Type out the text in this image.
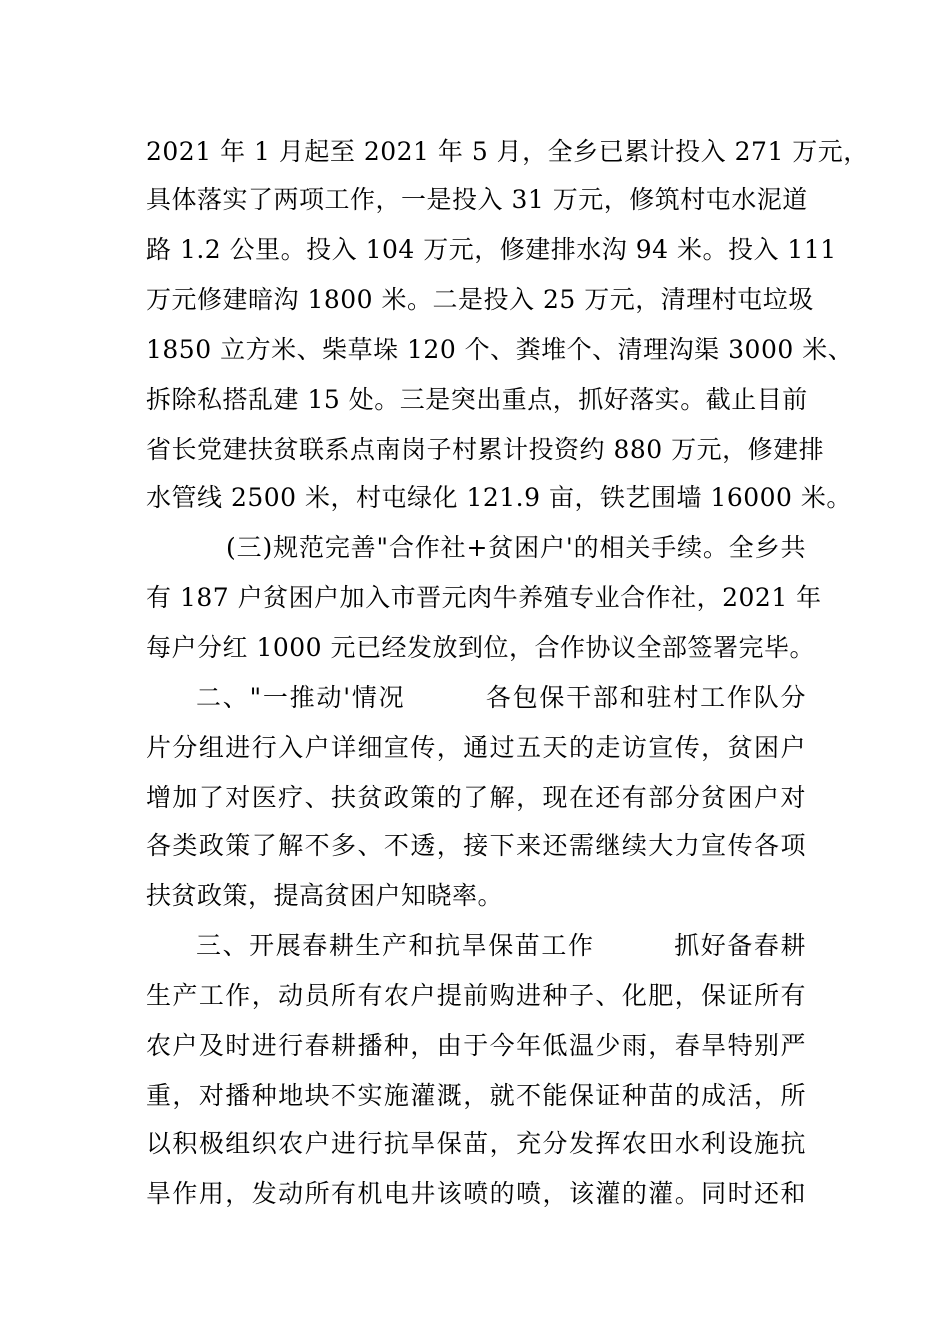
2021 年 1 月起至 2021 年 5 月，全乡已累计投入 271 万元，
具体落实了两项工作，一是投入 31 万元，修筑村屯水泥道
路 1.2 公里。投入 104 万元，修建排水沟 94 米。投入 111
万元修建暗沟 1800 米。二是投入 25 万元，清理村屯垃圾
1850 立方米、柴草垛 120 个、粪堆个、清理沟渠 3000 米、
拆除私搭乱建 15 处。三是突出重点，抓好落实。截止目前
省长党建扶贫联系点南岗子村累计投资约 880 万元，修建排
水管线 2500 米，村屯绿化 121.9 亩，铁艺围墙 16000 米。
(三)规范完善"合作社+贫困户'的相关手续。全乡共
有 187 户贫困户加入市晋元肉牛养殖专业合作社，2021 年
每户分红 1000 元已经发放到位，合作协议全部签署完毕。
二、"一推动'情况　　　各包保干部和驻村工作队分
片分组进行入户详细宣传，通过五天的走访宣传，贫困户
增加了对医疗、扶贫政策的了解，现在还有部分贫困户对
各类政策了解不多、不透，接下来还需继续大力宣传各项
扶贫政策，提高贫困户知晓率。
三、开展春耕生产和抗旱保苗工作　　　抓好备春耕
生产工作，动员所有农户提前购进种子、化肥，保证所有
农户及时进行春耕播种，由于今年低温少雨，春旱特别严
重，对播种地块不实施灌溉，就不能保证种苗的成活，所
以积极组织农户进行抗旱保苗，充分发挥农田水利设施抗
旱作用，发动所有机电井该喷的喷，该灌的灌。同时还和
